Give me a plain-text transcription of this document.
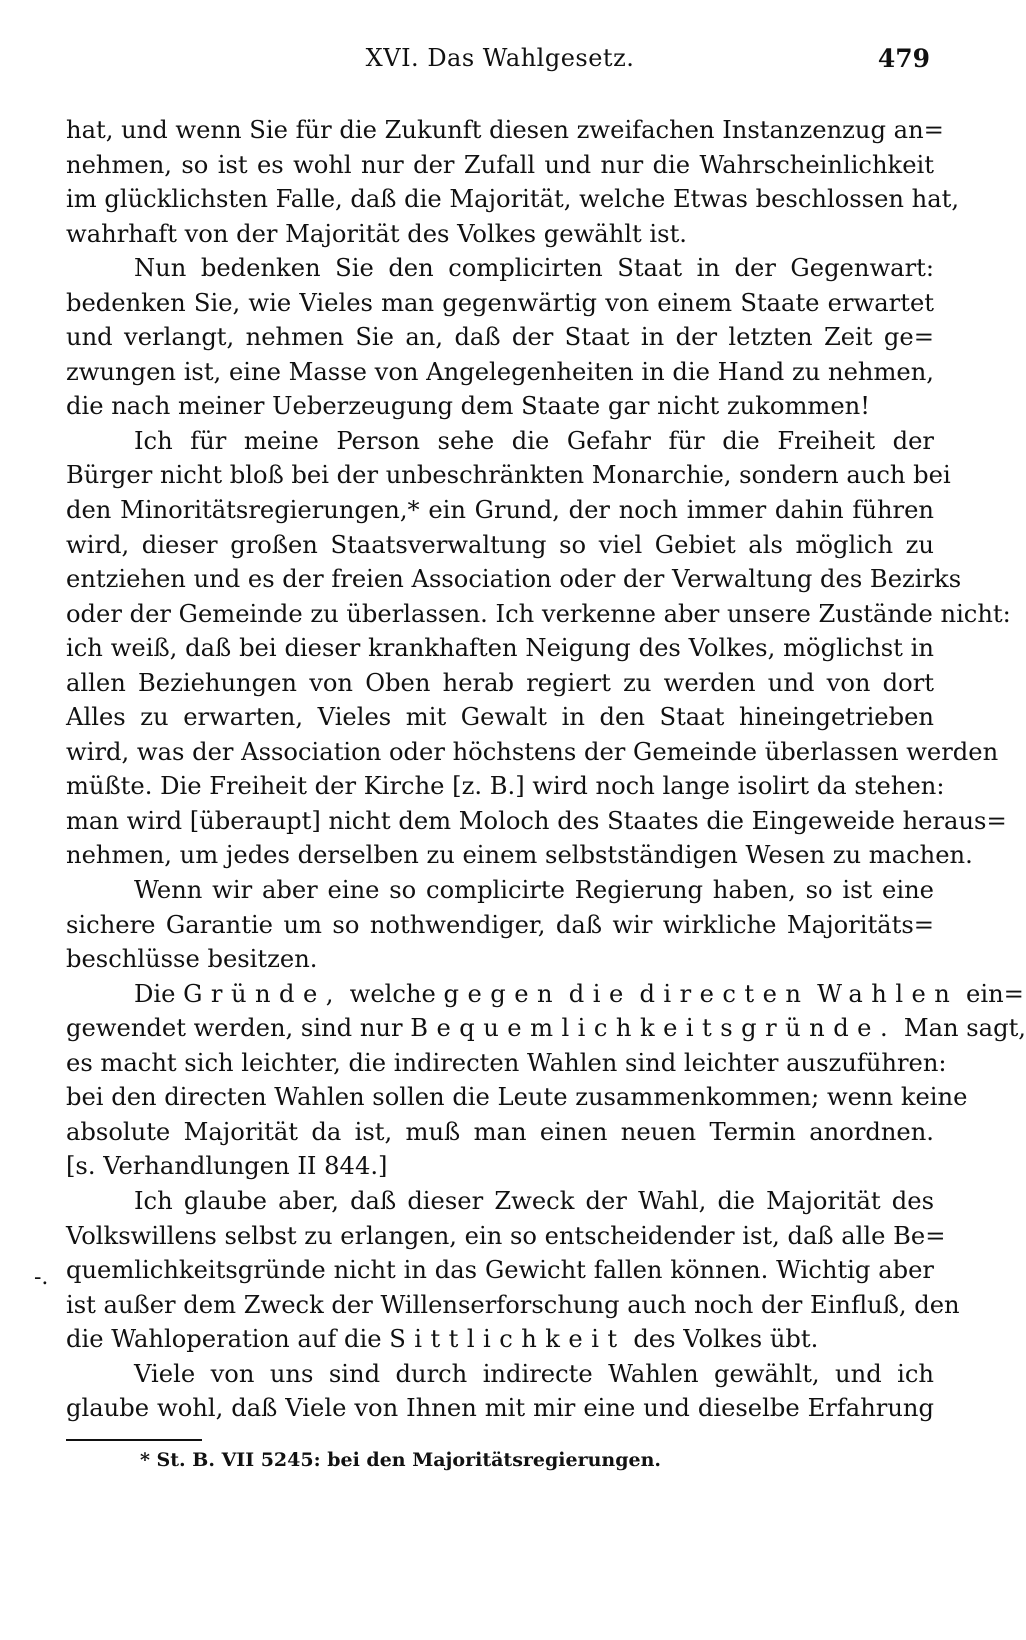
XVI. Das Wahlgesetz.	479
hat, und wenn Sie für die Zukunft diesen zweifachen Instanzenzug an=
nehmen, so ist es wohl nur der Zufall und nur die Wahrscheinlichkeit
im glücklichsten Falle, daß die Majorität, welche Etwas beschlossen hat,
wahrhaft von der Majorität des Volkes gewählt ist.
Nun bedenken Sie den complicirten Staat in der Gegenwart:
bedenken Sie, wie Vieles man gegenwärtig von einem Staate erwartet
und verlangt, nehmen Sie an, daß der Staat in der letzten Zeit ge=
zwungen ist, eine Masse von Angelegenheiten in die Hand zu nehmen,
die nach meiner Ueberzeugung dem Staate gar nicht zukommen!
Ich für meine Person sehe die Gefahr für die Freiheit der
Bürger nicht bloß bei der unbeschränkten Monarchie, sondern auch bei
den Minoritätsregierungen,* ein Grund, der noch immer dahin führen
wird, dieser großen Staatsverwaltung so viel Gebiet als möglich zu
entziehen und es der freien Association oder der Verwaltung des Bezirks
oder der Gemeinde zu überlassen. Ich verkenne aber unsere Zustände nicht:
ich weiß, daß bei dieser krankhaften Neigung des Volkes, möglichst in
allen Beziehungen von Oben herab regiert zu werden und von dort
Alles zu erwarten, Vieles mit Gewalt in den Staat hineingetrieben
wird, was der Association oder höchstens der Gemeinde überlassen werden
müßte. Die Freiheit der Kirche [z. B.] wird noch lange isolirt da stehen:
man wird [überaupt] nicht dem Moloch des Staates die Eingeweide heraus=
nehmen, um jedes derselben zu einem selbstständigen Wesen zu machen.
Wenn wir aber eine so complicirte Regierung haben, so ist eine
sichere Garantie um so nothwendiger, daß wir wirkliche Majoritäts=
beschlüsse besitzen.
Die Gründe, welche gegen die directen Wahlen ein=
gewendet werden, sind nur Bequemlichkeitsgründe. Man sagt,
es macht sich leichter, die indirecten Wahlen sind leichter auszuführen:
bei den directen Wahlen sollen die Leute zusammenkommen; wenn keine
absolute Majorität da ist, muß man einen neuen Termin anordnen.
[s. Verhandlungen II 844.]
Ich glaube aber, daß dieser Zweck der Wahl, die Majorität des
Volkswillens selbst zu erlangen, ein so entscheidender ist, daß alle Be=
quemlichkeitsgründe nicht in das Gewicht fallen können. Wichtig aber
ist außer dem Zweck der Willenserforschung auch noch der Einfluß, den
die Wahloperation auf die Sittlichkeit des Volkes übt.
Viele von uns sind durch indirecte Wahlen gewählt, und ich
glaube wohl, daß Viele von Ihnen mit mir eine und dieselbe Erfahrung
-.
* St. B. VII 5245: bei den Majoritätsregierungen.
